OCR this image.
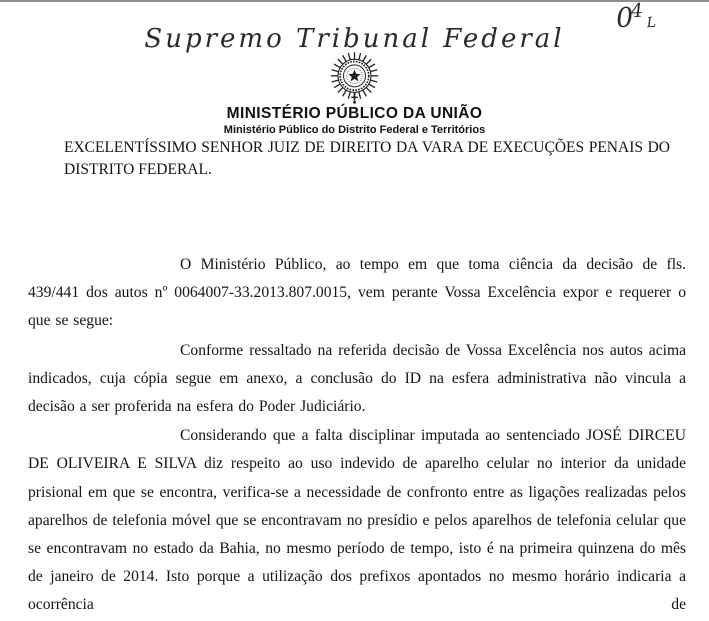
04L
Supremo Tribunal Federal
MINISTÉRIO PÚBLICO DA UNIÃO
Ministério Público do Distrito Federal e Territórios
EXCELENTÍSSIMO SENHOR JUIZ DE DIREITO DA VARA DE EXECUÇÕES PENAIS DO DISTRITO FEDERAL.

O Ministério Público, ao tempo em que toma ciência da decisão de fls. 439/441 dos autos nº 0064007-33.2013.807.0015, vem perante Vossa Excelência expor e requerer o que se segue:

Conforme ressaltado na referida decisão de Vossa Excelência nos autos acima indicados, cuja cópia segue em anexo, a conclusão do ID na esfera administrativa não vincula a decisão a ser proferida na esfera do Poder Judiciário.

Considerando que a falta disciplinar imputada ao sentenciado JOSÉ DIRCEU DE OLIVEIRA E SILVA diz respeito ao uso indevido de aparelho celular no interior da unidade prisional em que se encontra, verifica-se a necessidade de confronto entre as ligações realizadas pelos aparelhos de telefonia móvel que se encontravam no presídio e pelos aparelhos de telefonia celular que se encontravam no estado da Bahia, no mesmo período de tempo, isto é na primeira quinzena do mês de janeiro de 2014. Isto porque a utilização dos prefixos apontados no mesmo horário indicaria a ocorrência de
